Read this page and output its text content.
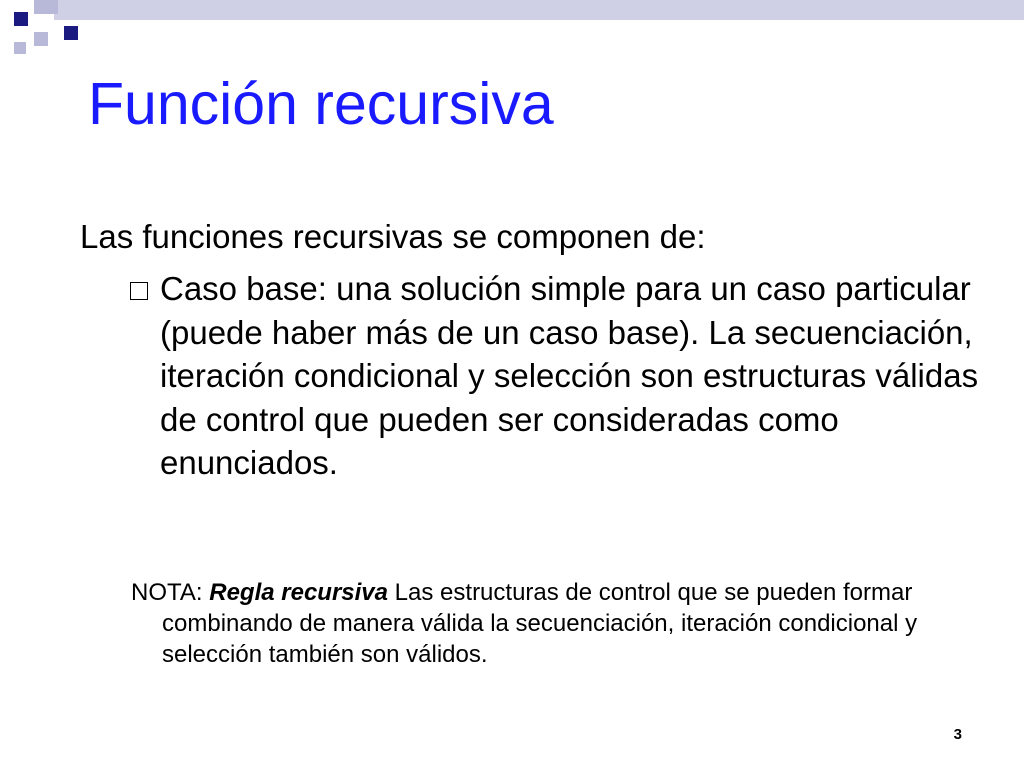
Función recursiva

Las funciones recursivas se componen de:

Caso base: una solución simple para un caso particular (puede haber más de un caso base). La secuenciación, iteración condicional y selección son estructuras válidas de control que pueden ser consideradas como enunciados.

NOTA: Regla recursiva Las estructuras de control que se pueden formar combinando de manera válida la secuenciación, iteración condicional y selección también son válidos.

3
